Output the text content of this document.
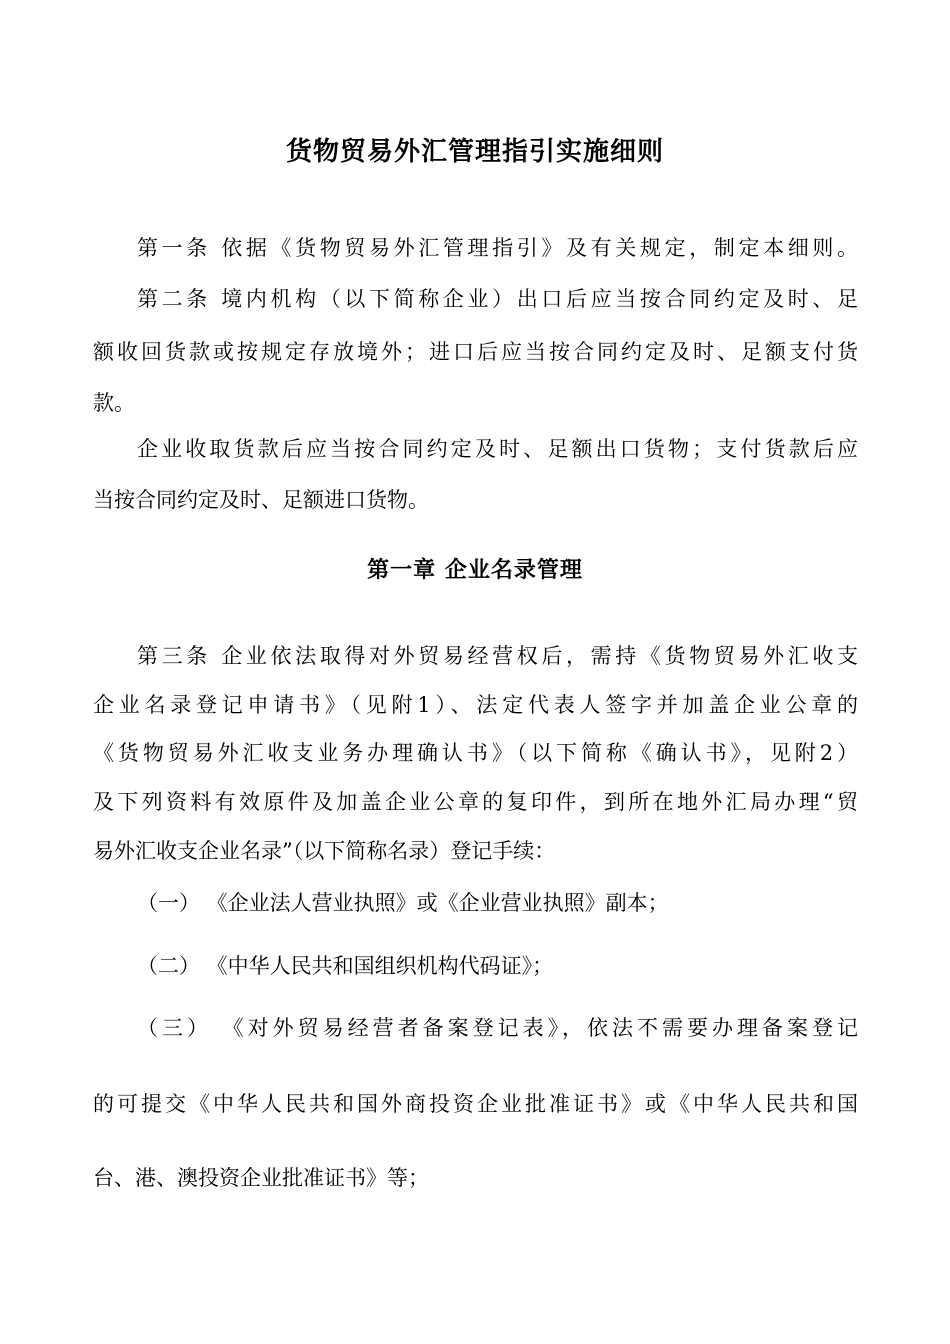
货物贸易外汇管理指引实施细则
第一条 依据《货物贸易外汇管理指引》及有关规定，制定本细则。
第二条 境内机构（以下简称企业）出口后应当按合同约定及时、足
额收回货款或按规定存放境外；进口后应当按合同约定及时、足额支付货
款。
企业收取货款后应当按合同约定及时、足额出口货物；支付货款后应
当按合同约定及时、足额进口货物。
第一章 企业名录管理
第三条 企业依法取得对外贸易经营权后，需持《货物贸易外汇收支
企业名录登记申请书》（见附1）、法定代表人签字并加盖企业公章的
《货物贸易外汇收支业务办理确认书》（以下简称《确认书》，见附2）
及下列资料有效原件及加盖企业公章的复印件，到所在地外汇局办理“贸
易外汇收支企业名录”（以下简称名录）登记手续：
（一） 《企业法人营业执照》或《企业营业执照》副本；
（二） 《中华人民共和国组织机构代码证》；
（三） 《对外贸易经营者备案登记表》，依法不需要办理备案登记
的可提交《中华人民共和国外商投资企业批准证书》或《中华人民共和国
台、港、澳投资企业批准证书》等；
